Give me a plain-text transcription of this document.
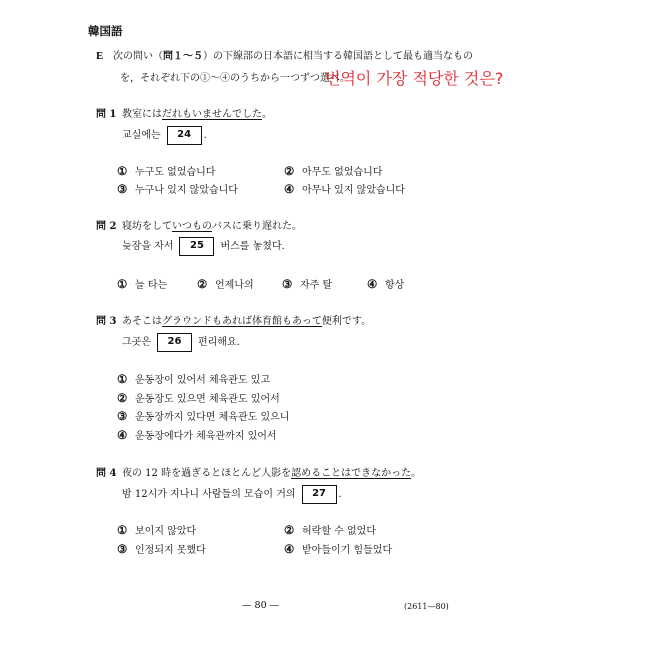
韓国語
E 次の問い（問１～５）の下線部の日本語に相当する韓国語として最も適当なもの
を，それぞれ下の①～④のうちから一つずつ選べ。
번역이 가장 적당한 것은?
問 1 教室にはだれもいませんでした。
교실에는 24 .
① 누구도 없었습니다	② 아무도 없었습니다
③ 누구나 있지 않았습니다	④ 아무나 있지 않았습니다
問 2 寝坊をしていつものバスに乗り遅れた。
늦잠을 자서 25 버스를 놓쳤다.
① 늘 타는	② 언제나의 ③ 자주 탈	④ 항상
問 3 あそこはグラウンドもあれば体育館もあって便利です。
그곳은 26 편리해요.
① 운동장이 있어서 체육관도 있고
② 운동장도 있으면 체육관도 있어서
③ 운동장까지 있다면 체육관도 있으니
④ 운동장에다가 체육관까지 있어서
問 4 夜の 12 時を過ぎるとほとんど人影を認めることはできなかった。
밤 12시가 지나니 사람들의 모습이 거의 27 .
① 보이지 않았다	② 허락할 수 없었다
③ 인정되지 못했다	④ 받아들이기 힘들었다
— 80 —	(2611—80)
